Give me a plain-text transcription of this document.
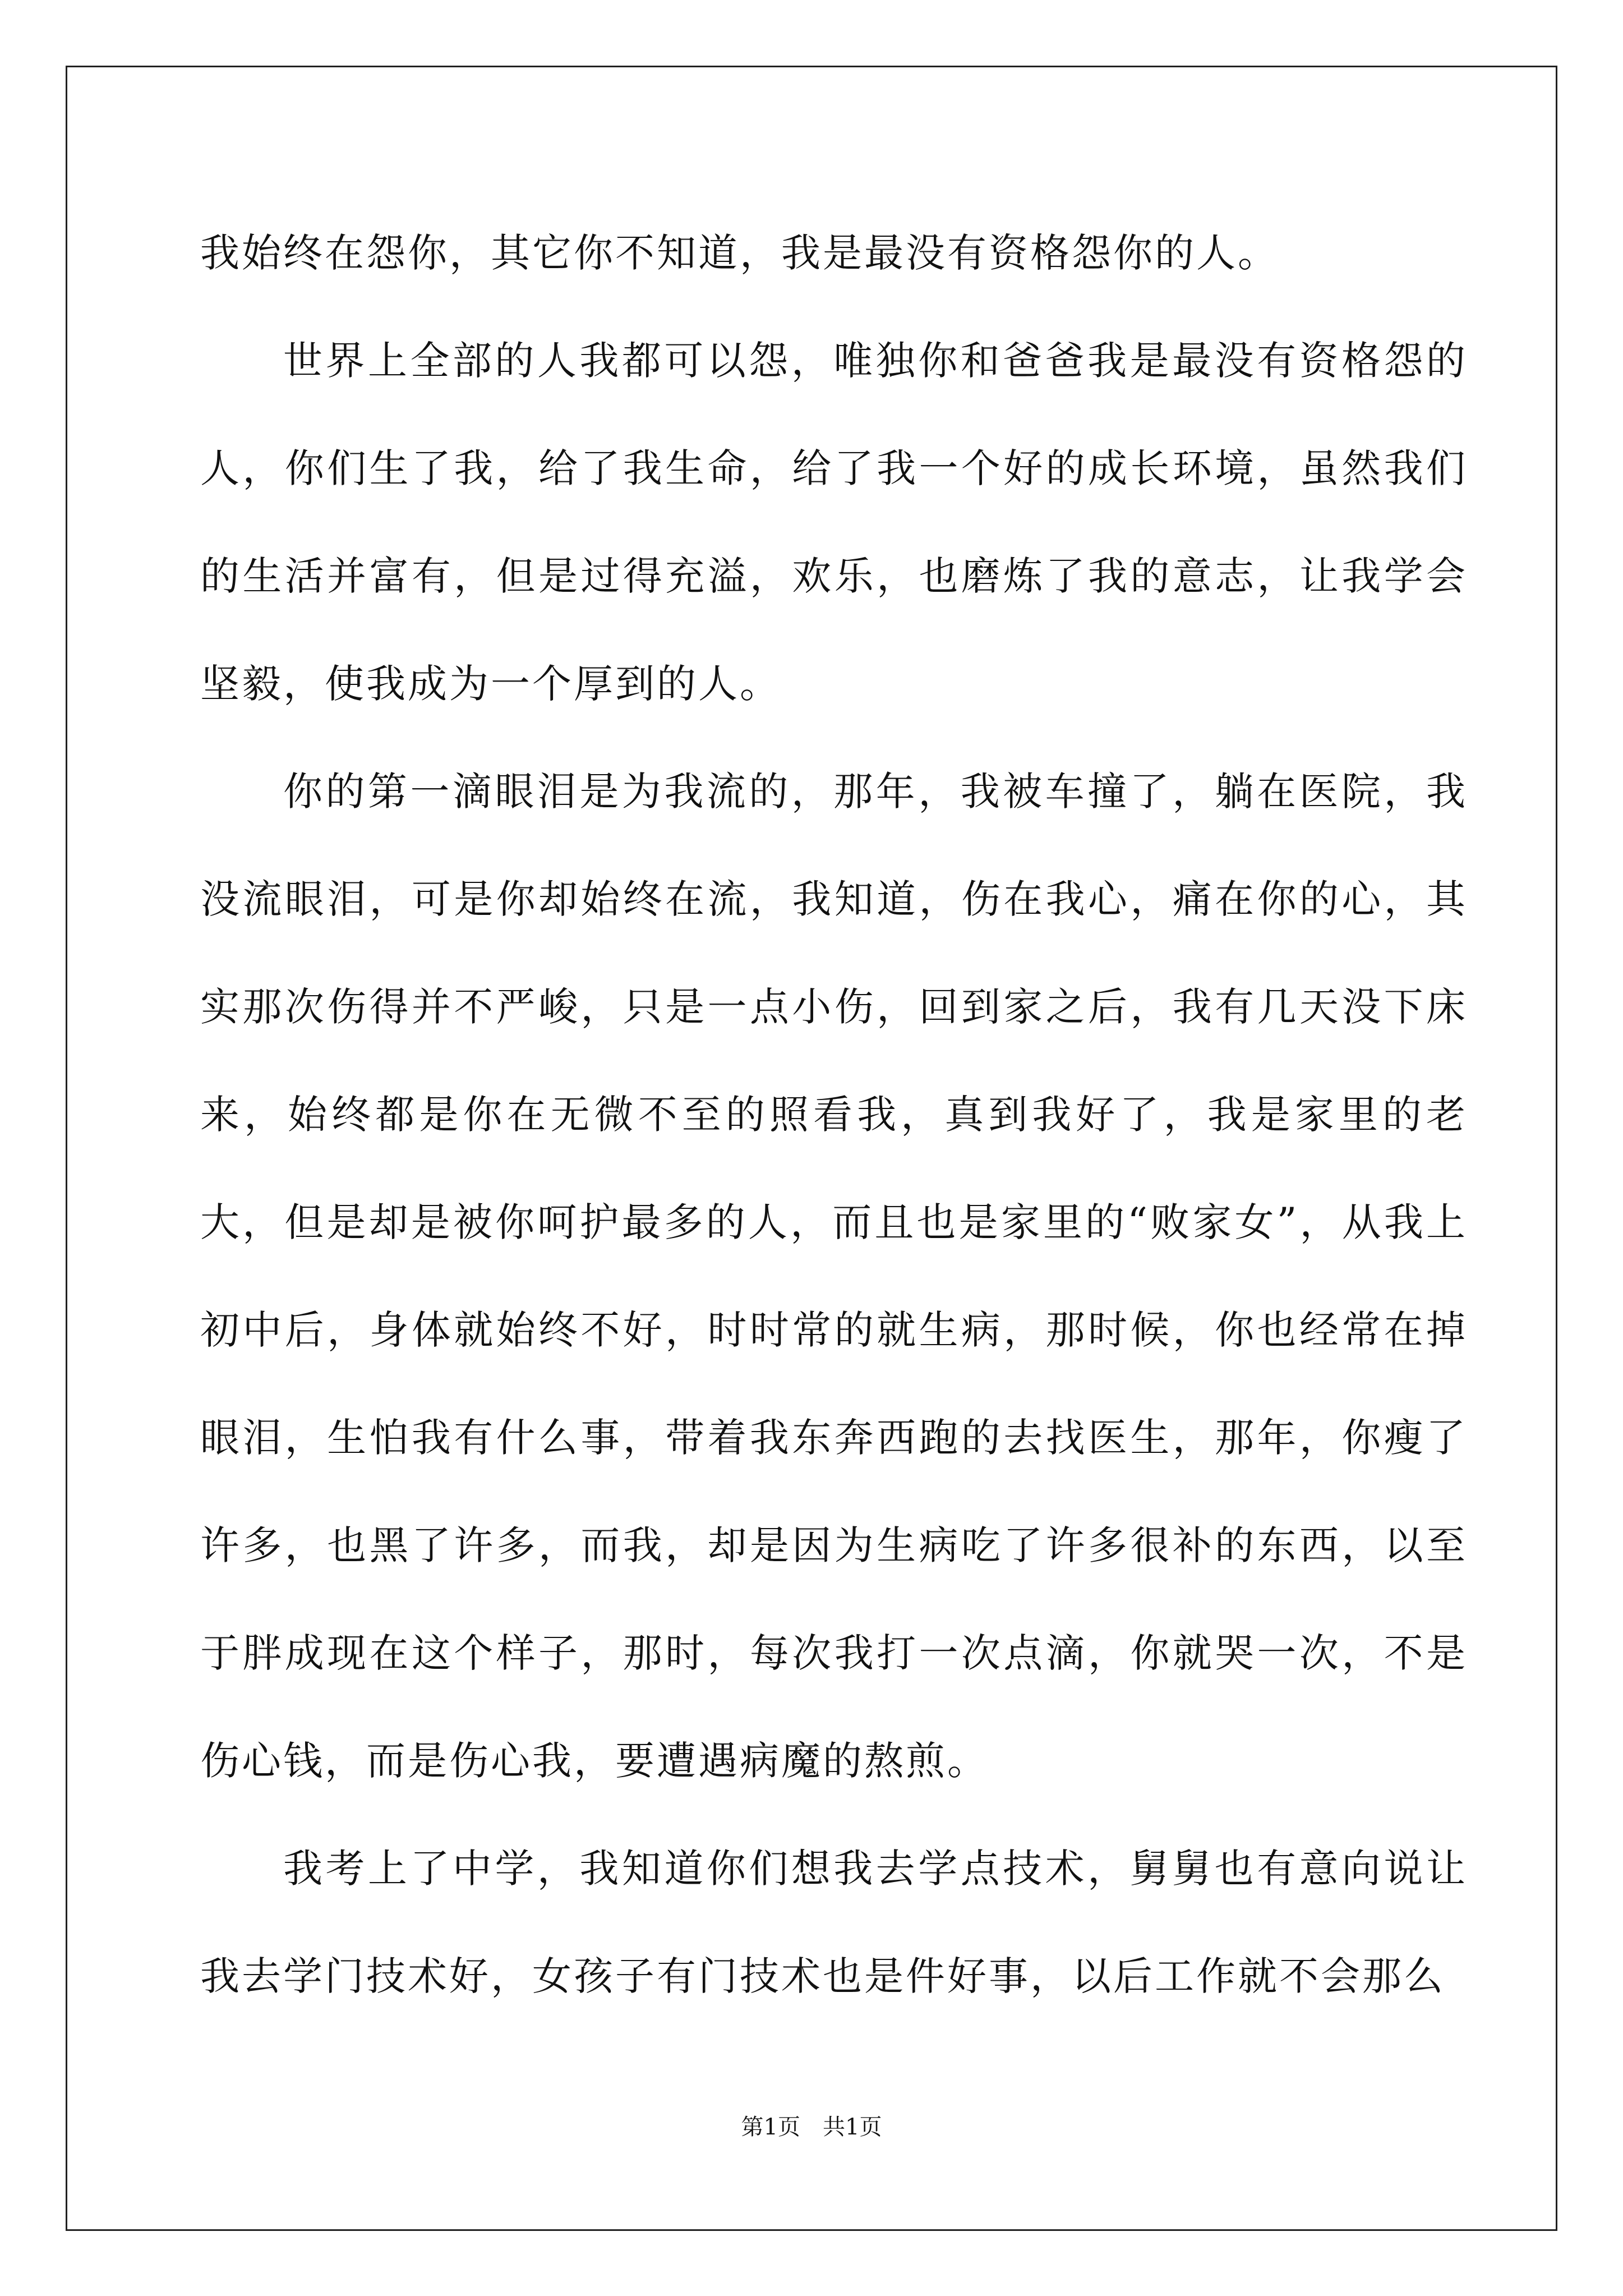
我始终在怨你，其它你不知道，我是最没有资格怨你的人。

世界上全部的人我都可以怨，唯独你和爸爸我是最没有资格怨的人，你们生了我，给了我生命，给了我一个好的成长环境，虽然我们的生活并富有，但是过得充溢，欢乐，也磨炼了我的意志，让我学会坚毅，使我成为一个厚到的人。

你的第一滴眼泪是为我流的，那年，我被车撞了，躺在医院，我没流眼泪，可是你却始终在流，我知道，伤在我心，痛在你的心，其实那次伤得并不严峻，只是一点小伤，回到家之后，我有几天没下床来，始终都是你在无微不至的照看我，真到我好了，我是家里的老大，但是却是被你呵护最多的人，而且也是家里的“败家女”，从我上初中后，身体就始终不好，时时常的就生病，那时候，你也经常在掉眼泪，生怕我有什么事，带着我东奔西跑的去找医生，那年，你瘦了许多，也黑了许多，而我，却是因为生病吃了许多很补的东西，以至于胖成现在这个样子，那时，每次我打一次点滴，你就哭一次，不是伤心钱，而是伤心我，要遭遇病魔的熬煎。

我考上了中学，我知道你们想我去学点技术，舅舅也有意向说让我去学门技术好，女孩子有门技术也是件好事，以后工作就不会那么

第1页 共1页
